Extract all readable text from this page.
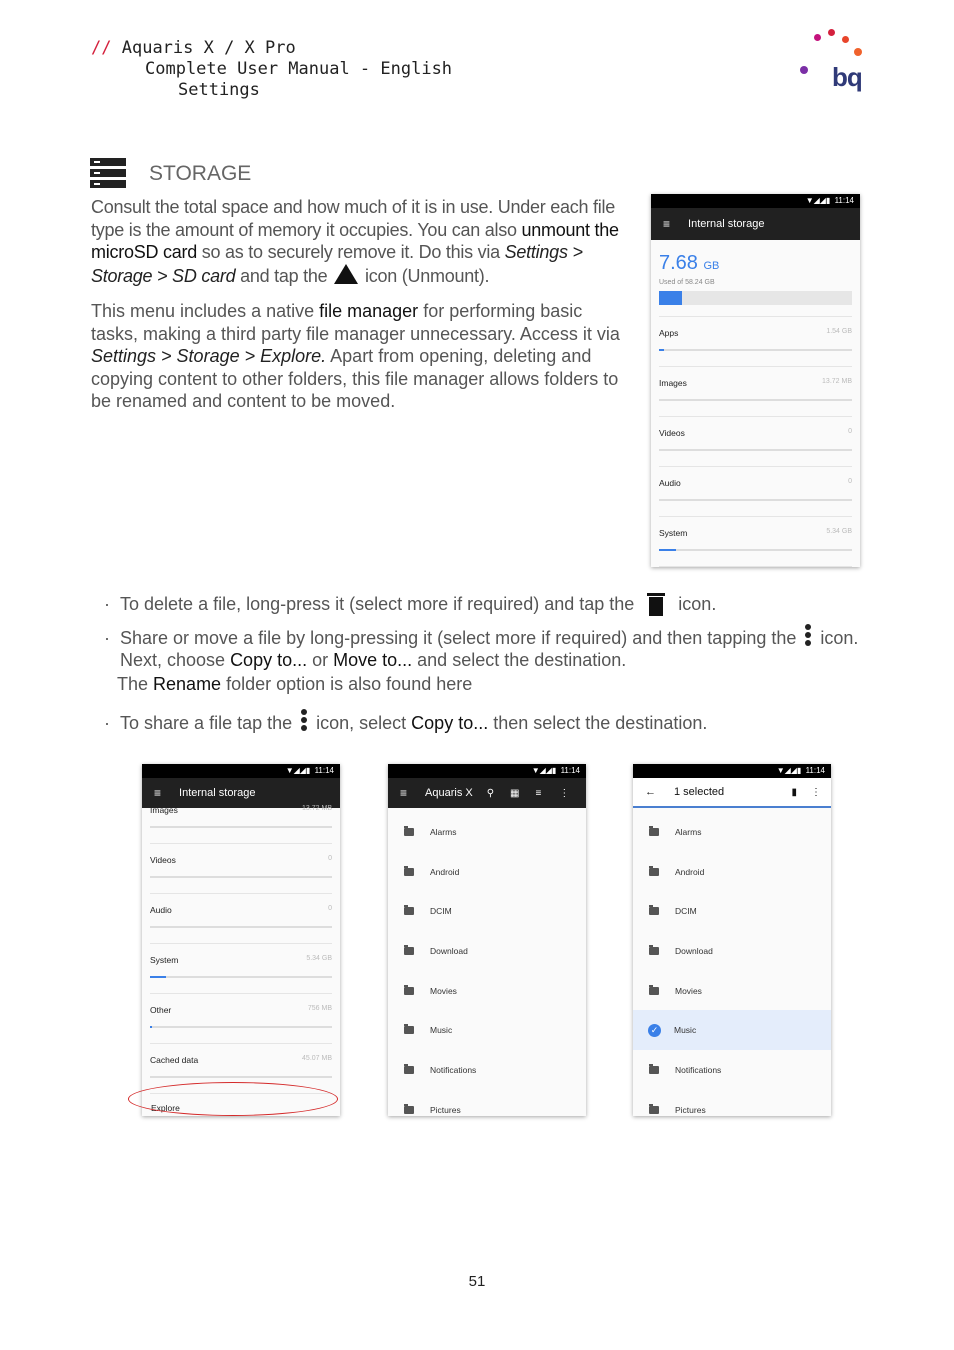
// Aquaris X / X Pro
Complete User Manual - English
Settings	bq
STORAGE
Consult the total space and how much of it is in use. Under each file type is the amount of memory it occupies. You can also unmount the microSD card so as to securely remove it. Do this via Settings > Storage > SD card and tap the  icon (Unmount).
This menu includes a native file manager for performing basic tasks, making a third party file manager unnecessary. Access it via Settings > Storage > Explore. Apart from opening, deleting and copying content to other folders, this file manager allows folders to be renamed and content to be moved.
▼◢◢▮ 11:14
≡ Internal storage
7.68 GB
Used of 58.24 GB
Apps	1.54 GB
Images	13.72 MB
Videos	0
Audio	0
System	5.34 GB
· To delete a file, long-press it (select more if required) and tap the  icon.
· Share or move a file by long-pressing it (select more if required) and then tapping the
icon.
Next, choose Copy to... or Move to... and select the destination.
The Rename folder option is also found here
· To share a file tap the
icon, select Copy to... then select the destination.
▼◢◢▮ 11:14
≡ Internal storage
Images	13.72 MB
Videos	0
Audio	0
System	5.34 GB
Other	756 MB
Cached data	45.07 MB
Explore
▼◢◢▮ 11:14
≡ Aquaris X ⚲ ▦ ≡ ⋮
Alarms
Android
DCIM
Download
Movies
Music
Notifications
Pictures
▼◢◢▮ 11:14
← 1 selected	▮ ⋮
Alarms
Android
DCIM
Download
Movies
✓	Music
Notifications
Pictures
51
